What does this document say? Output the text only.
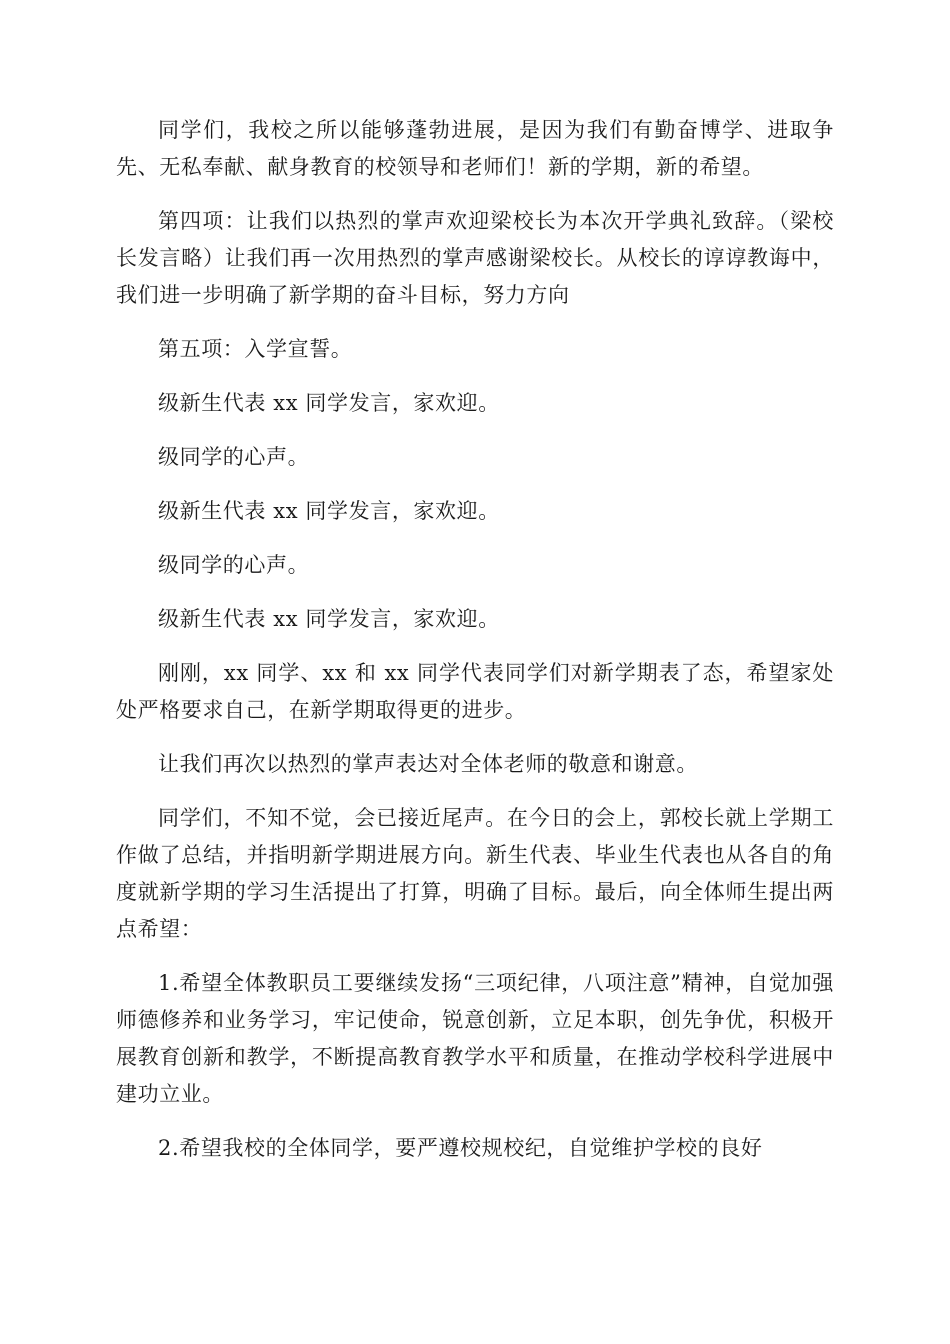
同学们，我校之所以能够蓬勃进展，是因为我们有勤奋博学、进取争先、无私奉献、献身教育的校领导和老师们！新的学期，新的希望。

第四项：让我们以热烈的掌声欢迎梁校长为本次开学典礼致辞。（梁校长发言略）让我们再一次用热烈的掌声感谢梁校长。从校长的谆谆教诲中，我们进一步明确了新学期的奋斗目标，努力方向

第五项：入学宣誓。

级新生代表 xx 同学发言，家欢迎。

级同学的心声。

级新生代表 xx 同学发言，家欢迎。

级同学的心声。

级新生代表 xx 同学发言，家欢迎。

刚刚，xx 同学、xx 和 xx 同学代表同学们对新学期表了态，希望家处处严格要求自己，在新学期取得更的进步。

让我们再次以热烈的掌声表达对全体老师的敬意和谢意。

同学们，不知不觉，会已接近尾声。在今日的会上，郭校长就上学期工作做了总结，并指明新学期进展方向。新生代表、毕业生代表也从各自的角度就新学期的学习生活提出了打算，明确了目标。最后，向全体师生提出两点希望：

1.希望全体教职员工要继续发扬“三项纪律，八项注意”精神，自觉加强师德修养和业务学习，牢记使命，锐意创新，立足本职，创先争优，积极开展教育创新和教学，不断提高教育教学水平和质量，在推动学校科学进展中建功立业。

2.希望我校的全体同学，要严遵校规校纪，自觉维护学校的良好
